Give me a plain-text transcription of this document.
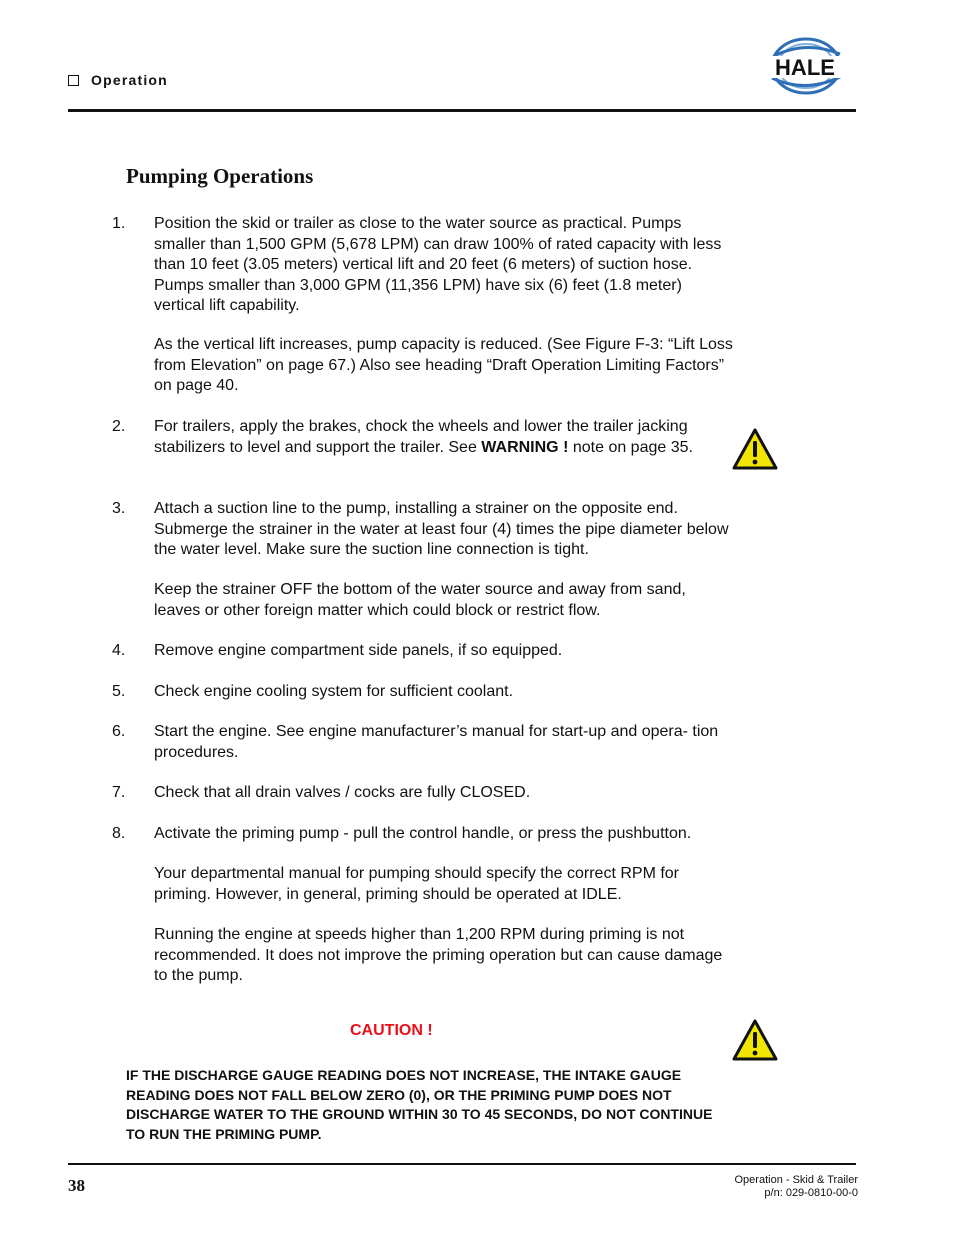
Operation	HALE
Pumping Operations
1. Position the skid or trailer as close to the water source as practical. Pumps smaller than 1,500 GPM (5,678 LPM) can draw 100% of rated capacity with less than 10 feet (3.05 meters) vertical lift and 20 feet (6 meters) of suction hose. Pumps smaller than 3,000 GPM (11,356 LPM) have six (6) feet (1.8 meter) vertical lift capability.
As the vertical lift increases, pump capacity is reduced. (See Figure F-3: “Lift Loss from Elevation” on page 67.) Also see heading “Draft Operation Limiting Factors” on page 40.
2. For trailers, apply the brakes, chock the wheels and lower the trailer jacking stabilizers to level and support the trailer. See WARNING ! note on page 35.
3. Attach a suction line to the pump, installing a strainer on the opposite end. Submerge the strainer in the water at least four (4) times the pipe diameter below the water level. Make sure the suction line connection is tight.
Keep the strainer OFF the bottom of the water source and away from sand, leaves or other foreign matter which could block or restrict flow.
4. Remove engine compartment side panels, if so equipped.
5. Check engine cooling system for sufficient coolant.
6. Start the engine. See engine manufacturer’s manual for start-up and opera- tion procedures.
7. Check that all drain valves / cocks are fully CLOSED.
8. Activate the priming pump - pull the control handle, or press the pushbutton.
Your departmental manual for pumping should specify the correct RPM for priming. However, in general, priming should be operated at IDLE.
Running the engine at speeds higher than 1,200 RPM during priming is not recommended. It does not improve the priming operation but can cause damage to the pump.
CAUTION !
IF THE DISCHARGE GAUGE READING DOES NOT INCREASE, THE INTAKE GAUGE READING DOES NOT FALL BELOW ZERO (0), OR THE PRIMING PUMP DOES NOT DISCHARGE WATER TO THE GROUND WITHIN 30 TO 45 SECONDS, DO NOT CONTINUE TO RUN THE PRIMING PUMP.
38	Operation - Skid & Trailer
p/n: 029-0810-00-0
